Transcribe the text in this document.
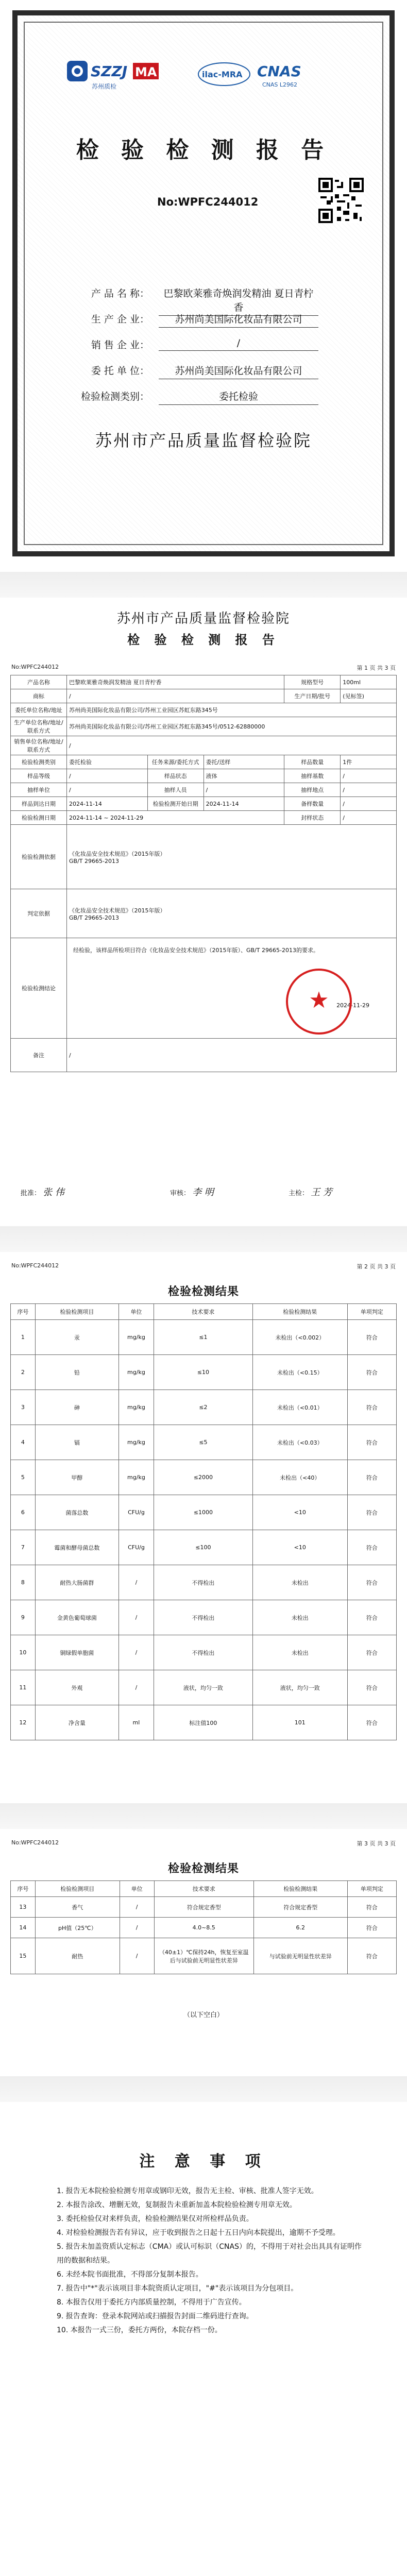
SZZJ MA
苏州质检
ilac-MRA CNAS
CNAS L2962
检 验 检 测 报 告
No:WPFC244012
产 品 名 称：	巴黎欧莱雅奇焕润发精油 夏日青柠香
生 产 企 业：	苏州尚美国际化妆品有限公司
销 售 企 业：	/
委 托 单 位：	苏州尚美国际化妆品有限公司
检验检测类别：	委托检验
苏州市产品质量监督检验院
苏州市产品质量监督检验院
检 验 检 测 报 告
No:WPFC244012	第 1 页 共 3 页
产品名称	巴黎欧莱雅奇焕润发精油 夏日青柠香			规格型号	100ml
商标	/			生产日期/批号	(见标签)
委托单位名称/地址	苏州尚美国际化妆品有限公司/苏州工业园区苏虹东路345号				
生产单位名称/地址/联系方式	苏州尚美国际化妆品有限公司/苏州工业园区苏虹东路345号/0512-62880000				
销售单位名称/地址/联系方式	/				
检验检测类别	委托检验	任务来源/委托方式	委托/送样	样品数量	1件
样品等级	/	样品状态	液体	抽样基数	/
抽样单位	/	抽样人员	/	抽样地点	/
样品到达日期	2024-11-14	检验检测开始日期	2024-11-14	备样数量	/
检验检测日期	2024-11-14 ~ 2024-11-29			封样状态	/
检验检测依据	《化妆品安全技术规范》（2015年版）
GB/T 29665-2013				

判定依据	《化妆品安全技术规范》（2015年版）
GB/T 29665-2013				

检验检测结论	经检验，该样品所检项目符合《化妆品安全技术规范》（2015年版）、GB/T 29665-2013的要求。
2024-11-29				

备注	/				
★
批准： 张 伟	审核： 李 明	主检： 王 芳
No:WPFC244012	第 2 页 共 3 页
检验检测结果
序号	检验检测项目	单位	技术要求	检验检测结果	单项判定
1	汞	mg/kg	≤1	未检出（<0.002）	符合
2	铅	mg/kg	≤10	未检出（<0.15）	符合
3	砷	mg/kg	≤2	未检出（<0.01）	符合
4	镉	mg/kg	≤5	未检出（<0.03）	符合
5	甲醇	mg/kg	≤2000	未检出（<40）	符合
6	菌落总数	CFU/g	≤1000	<10	符合
7	霉菌和酵母菌总数	CFU/g	≤100	<10	符合
8	耐热大肠菌群	/	不得检出	未检出	符合
9	金黄色葡萄球菌	/	不得检出	未检出	符合
10	铜绿假单胞菌	/	不得检出	未检出	符合
11	外观	/	液状，均匀一致	液状，均匀一致	符合
12	净含量	ml	标注值100	101	符合
No:WPFC244012	第 3 页 共 3 页
检验检测结果
序号	检验检测项目	单位	技术要求	检验检测结果	单项判定
13	香气	/	符合规定香型	符合规定香型	符合
14	pH值（25℃）	/	4.0~8.5	6.2	符合
15	耐热	/	（40±1）℃保持24h，恢复至室温后与试验前无明显性状差异	与试验前无明显性状差异	符合
（以下空白）
注 意 事 项

1. 报告无本院检验检测专用章或钢印无效，报告无主检、审核、批准人签字无效。

2. 本报告涂改、增删无效，复制报告未重新加盖本院检验检测专用章无效。

3. 委托检验仅对来样负责，检验检测结果仅对所检样品负责。

4. 对检验检测报告若有异议，应于收到报告之日起十五日内向本院提出，逾期不予受理。

5. 报告未加盖资质认定标志（CMA）或认可标识（CNAS）的，不得用于对社会出具具有证明作用的数据和结果。

6. 未经本院书面批准，不得部分复制本报告。

7. 报告中"*"表示该项目非本院资质认定项目，"#"表示该项目为分包项目。

8. 本报告仅用于委托方内部质量控制，不得用于广告宣传。

9. 报告查询：登录本院网站或扫描报告封面二维码进行查询。

10. 本报告一式三份，委托方两份，本院存档一份。
